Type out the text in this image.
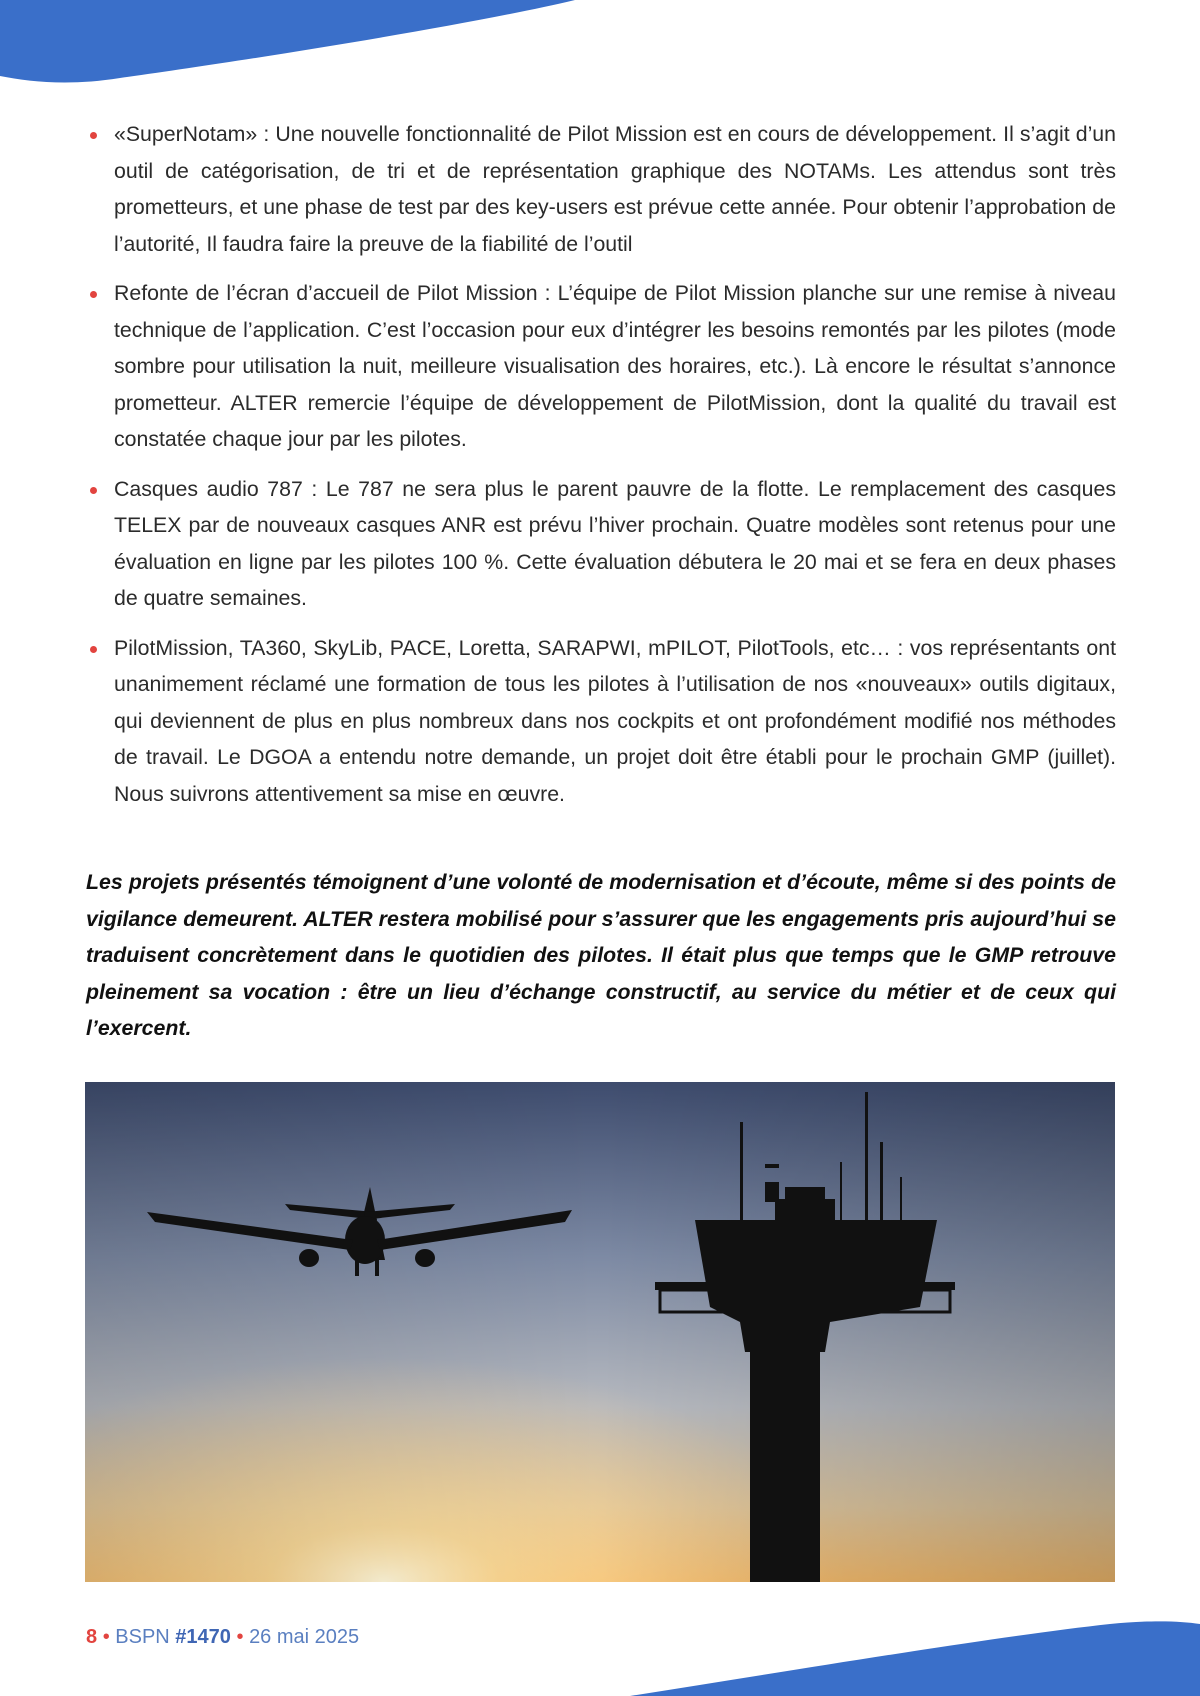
«SuperNotam» : Une nouvelle fonctionnalité de Pilot Mission est en cours de développement. Il s’agit d’un outil de catégorisation, de tri et de représentation graphique des NOTAMs. Les attendus sont très prometteurs, et une phase de test par des key-users est prévue cette année. Pour obtenir l’approbation de l’autorité, Il faudra faire la preuve de la fiabilité de l’outil
Refonte de l’écran d’accueil de Pilot Mission : L’équipe de Pilot Mission planche sur une remise à niveau technique de l’application. C’est l’occasion pour eux d’intégrer les besoins remontés par les pilotes (mode sombre pour utilisation la nuit, meilleure visualisation des horaires, etc.). Là encore le résultat s’annonce prometteur. ALTER remercie l’équipe de développement de PilotMission, dont la qualité du travail est constatée chaque jour par les pilotes.
Casques audio 787 : Le 787 ne sera plus le parent pauvre de la flotte. Le remplacement des casques TELEX par de nouveaux casques ANR est prévu l’hiver prochain. Quatre modèles sont retenus pour une évaluation en ligne par les pilotes 100 %. Cette évaluation débutera le 20 mai et se fera en deux phases de quatre semaines.
PilotMission, TA360, SkyLib, PACE, Loretta, SARAPWI, mPILOT, PilotTools, etc… : vos représentants ont unanimement réclamé une formation de tous les pilotes à l’utilisation de nos «nouveaux» outils digitaux, qui deviennent de plus en plus nombreux dans nos cockpits et ont profondément modifié nos méthodes de travail. Le DGOA a entendu notre demande, un projet doit être établi pour le prochain GMP (juillet). Nous suivrons attentivement sa mise en œuvre.

Les projets présentés témoignent d’une volonté de modernisation et d’écoute, même si des points de vigilance demeurent. ALTER restera mobilisé pour s’assurer que les engagements pris aujourd’hui se traduisent concrètement dans le quotidien des pilotes. Il était plus que temps que le GMP retrouve pleinement sa vocation : être un lieu d’échange constructif, au service du métier et de ceux qui l’exercent.

8 • BSPN #1470 • 26 mai 2025
